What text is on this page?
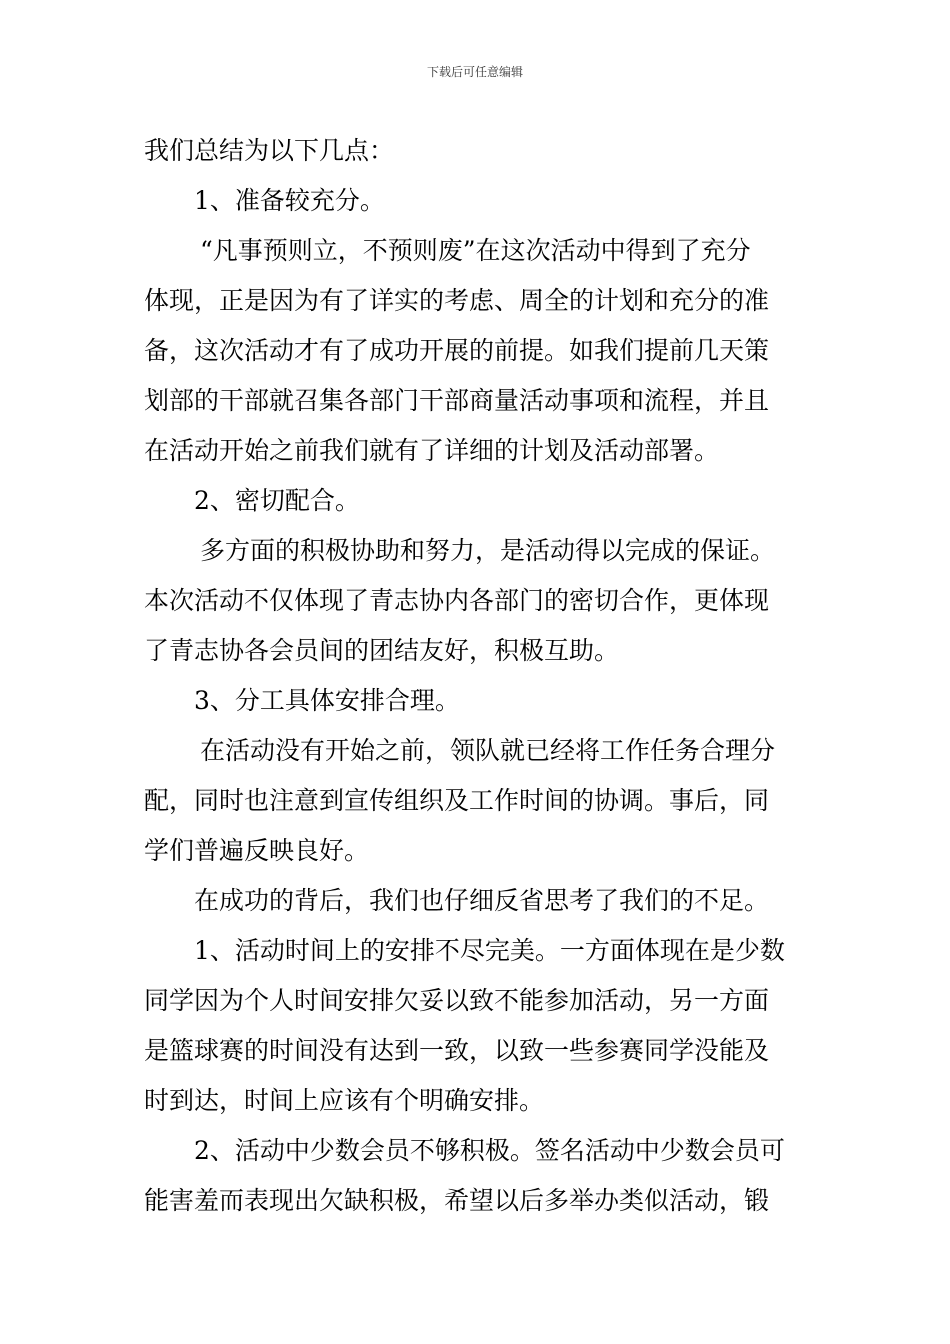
下载后可任意编辑
我们总结为以下几点：
1、准备较充分。
“凡事预则立，不预则废”在这次活动中得到了充分
体现，正是因为有了详实的考虑、周全的计划和充分的准
备，这次活动才有了成功开展的前提。如我们提前几天策
划部的干部就召集各部门干部商量活动事项和流程，并且
在活动开始之前我们就有了详细的计划及活动部署。
2、密切配合。
多方面的积极协助和努力，是活动得以完成的保证。
本次活动不仅体现了青志协内各部门的密切合作，更体现
了青志协各会员间的团结友好，积极互助。
3、分工具体安排合理。
在活动没有开始之前，领队就已经将工作任务合理分
配，同时也注意到宣传组织及工作时间的协调。事后，同
学们普遍反映良好。
在成功的背后，我们也仔细反省思考了我们的不足。
1、活动时间上的安排不尽完美。一方面体现在是少数
同学因为个人时间安排欠妥以致不能参加活动，另一方面
是篮球赛的时间没有达到一致，以致一些参赛同学没能及
时到达，时间上应该有个明确安排。
2、活动中少数会员不够积极。签名活动中少数会员可
能害羞而表现出欠缺积极，希望以后多举办类似活动，锻
